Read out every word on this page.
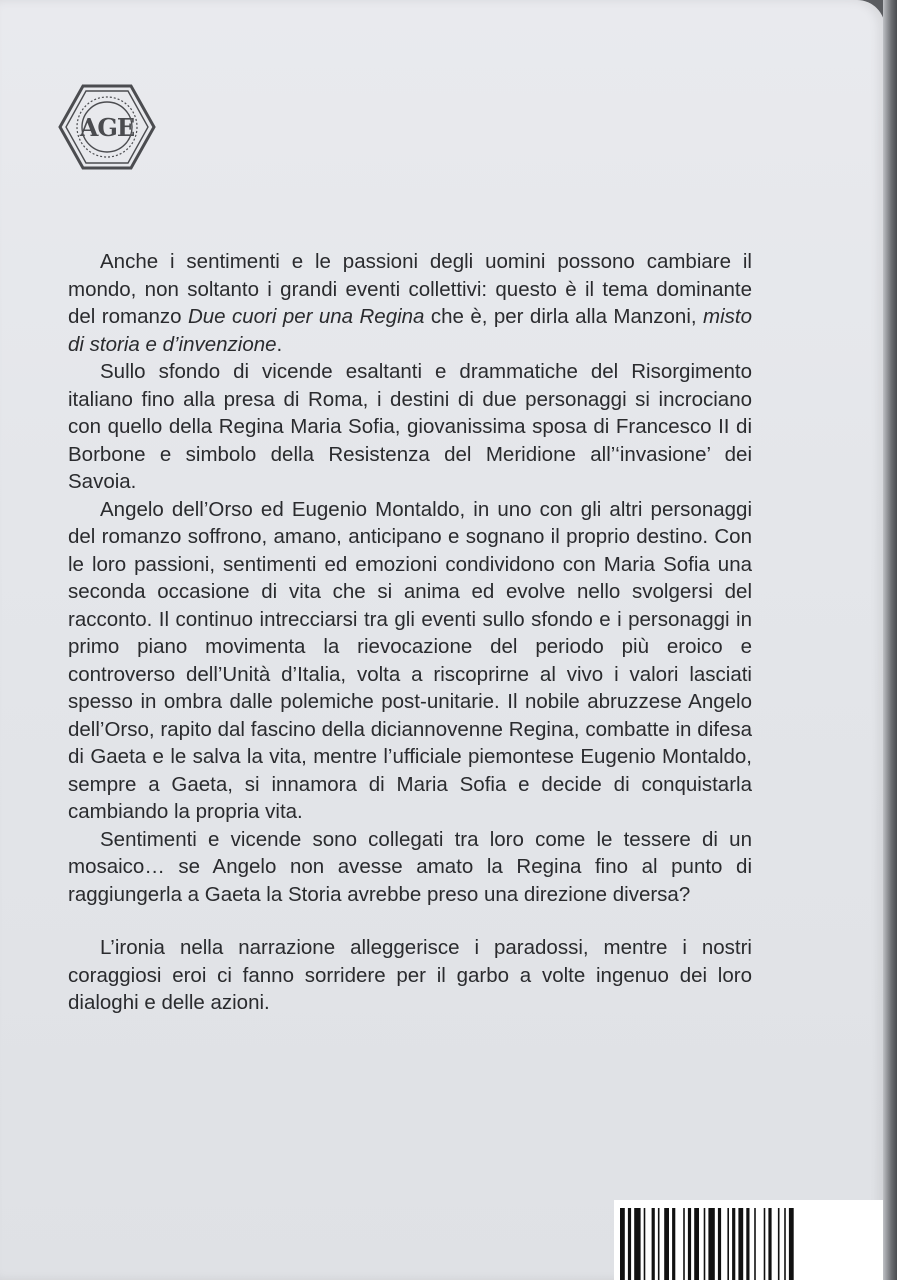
AGE

Anche i sentimenti e le passioni degli uomini possono cambiare il mondo, non soltanto i grandi eventi collettivi: questo è il tema dominante del romanzo Due cuori per una Regina che è, per dirla alla Manzoni, misto di storia e d’invenzione.

Sullo sfondo di vicende esaltanti e drammatiche del Risorgimento italiano fino alla presa di Roma, i destini di due personaggi si incrociano con quello della Regina Maria Sofia, giovanissima sposa di Francesco II di Borbone e simbolo della Resistenza del Meridione all’‘invasione’ dei Savoia.

Angelo dell’Orso ed Eugenio Montaldo, in uno con gli altri personaggi del romanzo soffrono, amano, anticipano e sognano il proprio destino. Con le loro passioni, sentimenti ed emozioni condividono con Maria Sofia una seconda occasione di vita che si anima ed evolve nello svolgersi del racconto. Il continuo intrecciarsi tra gli eventi sullo sfondo e i personaggi in primo piano movimenta la rievocazione del periodo più eroico e controverso dell’Unità d’Italia, volta a riscoprirne al vivo i valori lasciati spesso in ombra dalle polemiche post-unitarie. Il nobile abruzzese Angelo dell’Orso, rapito dal fascino della diciannovenne Regina, combatte in difesa di Gaeta e le salva la vita, mentre l’ufficiale piemontese Eugenio Montaldo, sempre a Gaeta, si innamora di Maria Sofia e decide di conquistarla cambiando la propria vita.

Sentimenti e vicende sono collegati tra loro come le tessere di un mosaico… se Angelo non avesse amato la Regina fino al punto di raggiungerla a Gaeta la Storia avrebbe preso una direzione diversa?

L’ironia nella narrazione alleggerisce i paradossi, mentre i nostri coraggiosi eroi ci fanno sorridere per il garbo a volte ingenuo dei loro dialoghi e delle azioni.
